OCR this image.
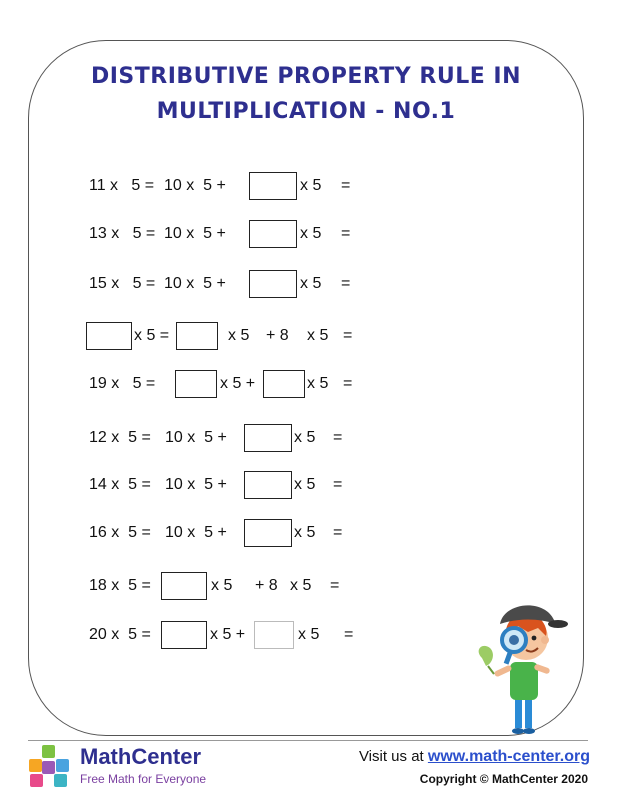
DISTRIBUTIVE PROPERTY RULE IN
MULTIPLICATION - NO.1
11 x   5 = 10 x  5 +	x 5 =
13 x   5 = 10 x  5 +	x 5 =
15 x   5 = 10 x  5 +	x 5 =
x 5 =	x 5 + 8 x 5 =
19 x   5 =	x 5 +	x 5 =
12 x  5 = 10 x  5 +	x 5 =
14 x  5 = 10 x  5 +	x 5 =
16 x  5 = 10 x  5 +	x 5 =
18 x  5 =	x 5 + 8 x 5 =
20 x  5 =	x 5 +	x 5 =
MathCenter
Free Math for Everyone
Visit us at www.math-center.org
Copyright © MathCenter 2020
